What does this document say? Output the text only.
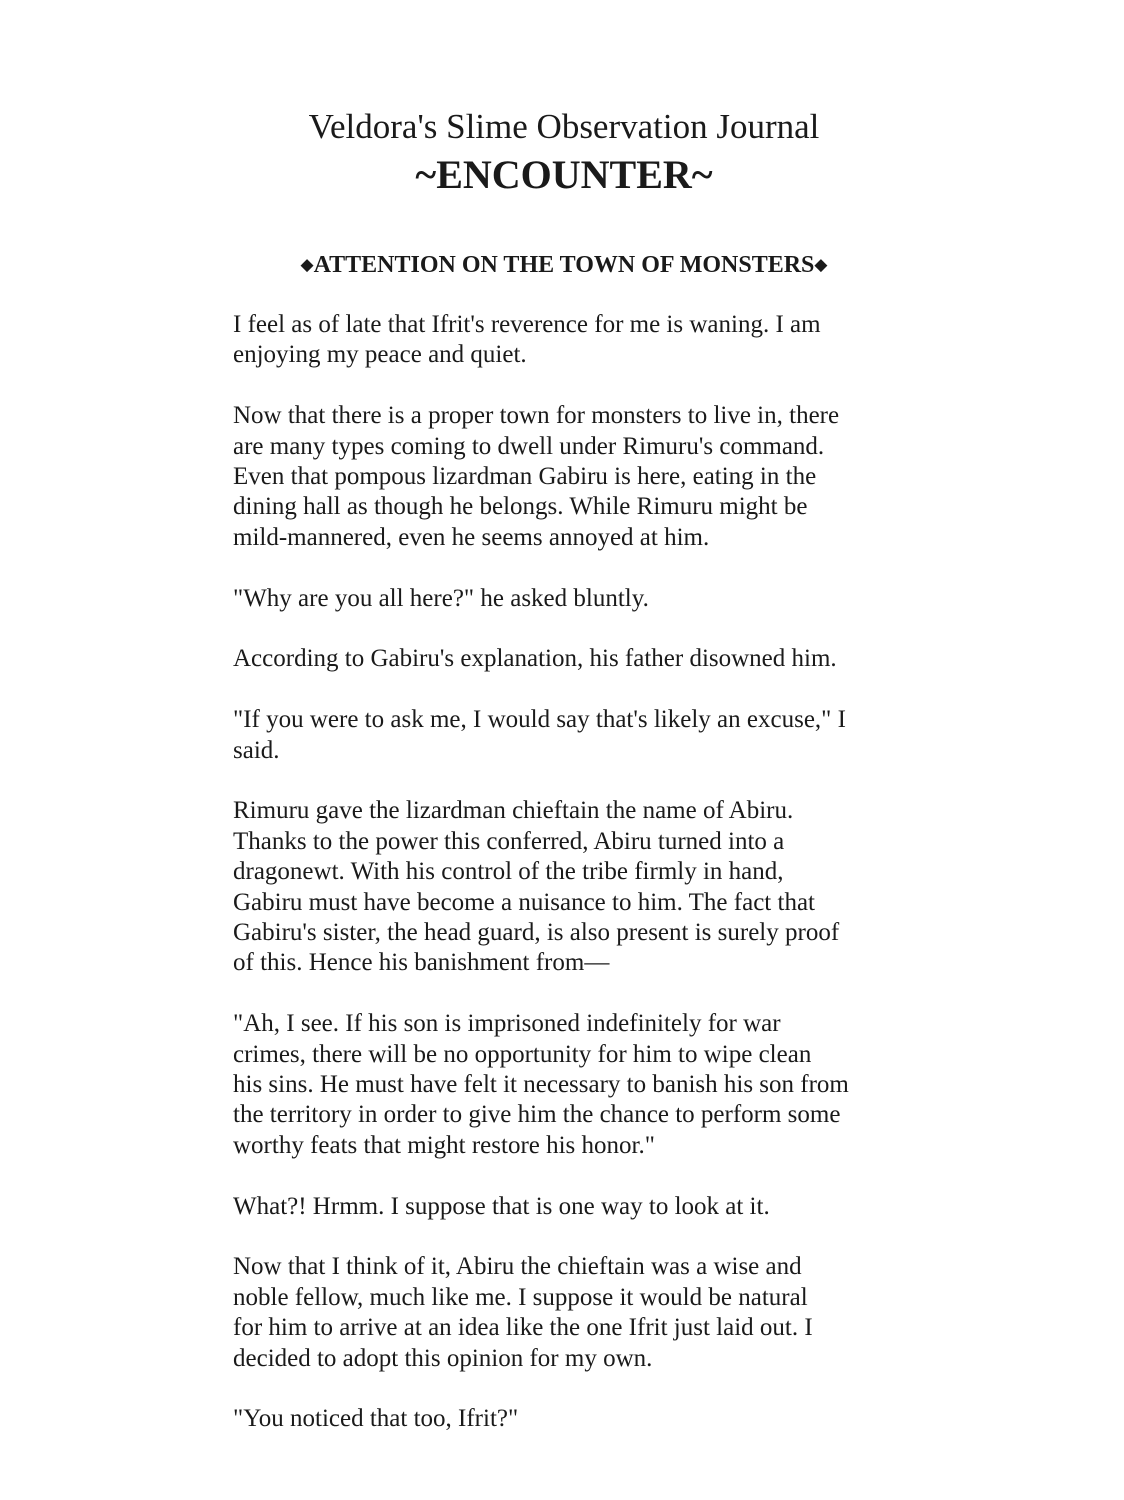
Veldora's Slime Observation Journal
~ENCOUNTER~
◆ATTENTION ON THE TOWN OF MONSTERS◆

I feel as of late that Ifrit's reverence for me is waning. I am
enjoying my peace and quiet.

Now that there is a proper town for monsters to live in, there
are many types coming to dwell under Rimuru's command.
Even that pompous lizardman Gabiru is here, eating in the
dining hall as though he belongs. While Rimuru might be
mild-mannered, even he seems annoyed at him.

"Why are you all here?" he asked bluntly.

According to Gabiru's explanation, his father disowned him.

"If you were to ask me, I would say that's likely an excuse," I
said.

Rimuru gave the lizardman chieftain the name of Abiru.
Thanks to the power this conferred, Abiru turned into a
dragonewt. With his control of the tribe firmly in hand,
Gabiru must have become a nuisance to him. The fact that
Gabiru's sister, the head guard, is also present is surely proof
of this. Hence his banishment from—

"Ah, I see. If his son is imprisoned indefinitely for war
crimes, there will be no opportunity for him to wipe clean
his sins. He must have felt it necessary to banish his son from
the territory in order to give him the chance to perform some
worthy feats that might restore his honor."

What?! Hrmm. I suppose that is one way to look at it.

Now that I think of it, Abiru the chieftain was a wise and
noble fellow, much like me. I suppose it would be natural
for him to arrive at an idea like the one Ifrit just laid out. I
decided to adopt this opinion for my own.

"You noticed that too, Ifrit?"
